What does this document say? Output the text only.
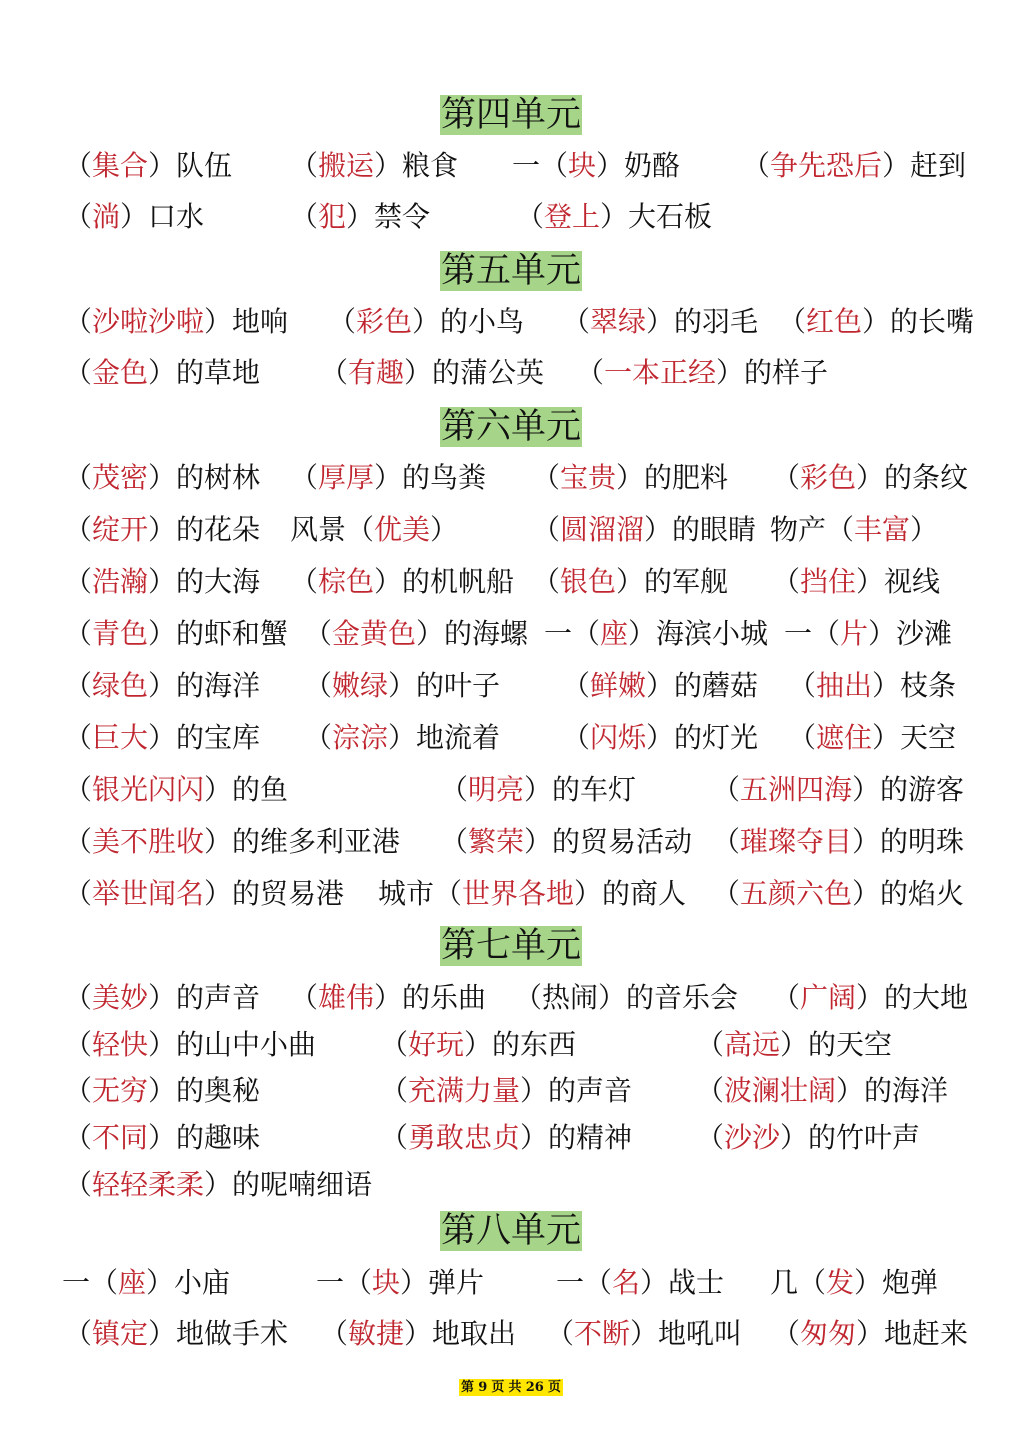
第四单元
（集合）队伍 （搬运）粮食 一（块）奶酪 （争先恐后）赶到
（淌）口水	（犯）禁令	（登上）大石板
第五单元
（沙啦沙啦）地响 （彩色）的小鸟 （翠绿）的羽毛 （红色）的长嘴
（金色）的草地 （有趣）的蒲公英 （一本正经）的样子
第六单元
（茂密）的树林 （厚厚）的鸟粪 （宝贵）的肥料 （彩色）的条纹
（绽开）的花朵 风景（优美）	（圆溜溜）的眼睛 物产（丰富）
（浩瀚）的大海 （棕色）的机帆船 （银色）的军舰 （挡住）视线
（青色）的虾和蟹 （金黄色）的海螺 一（座）海滨小城 一（片）沙滩
（绿色）的海洋 （嫩绿）的叶子 （鲜嫩）的蘑菇 （抽出）枝条
（巨大）的宝库 （淙淙）地流着 （闪烁）的灯光 （遮住）天空
（银光闪闪）的鱼	（明亮）的车灯	（五洲四海）的游客
（美不胜收）的维多利亚港 （繁荣）的贸易活动 （璀璨夺目）的明珠
（举世闻名）的贸易港 城市（世界各地）的商人 （五颜六色）的焰火
第七单元
（美妙）的声音 （雄伟）的乐曲 （热闹）的音乐会 （广阔）的大地
（轻快）的山中小曲 （好玩）的东西	（高远）的天空
（无穷）的奥秘	（充满力量）的声音 （波澜壮阔）的海洋
（不同）的趣味	（勇敢忠贞）的精神 （沙沙）的竹叶声
（轻轻柔柔）的呢喃细语
第八单元
一（座）小庙	一（块）弹片	一（名）战士 几（发）炮弹
（镇定）地做手术 （敏捷）地取出 （不断）地吼叫 （匆匆）地赶来
第 9 页 共 26 页
